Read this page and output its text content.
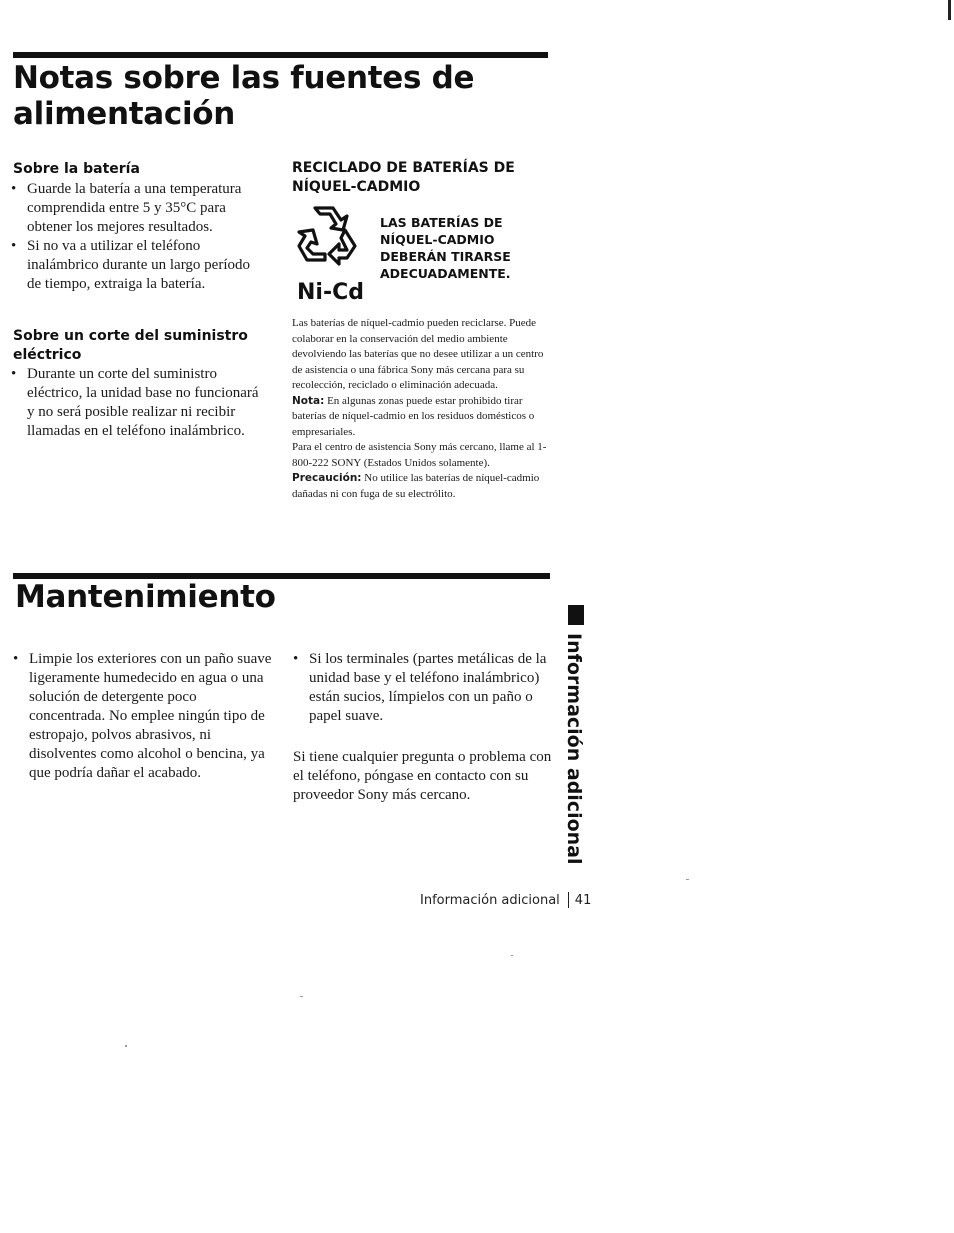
Notas sobre las fuentes de
alimentación
Sobre la batería
• Guarde la batería a una temperatura comprendida entre 5 y 35°C para obtener los mejores resultados.
• Si no va a utilizar el teléfono inalámbrico durante un largo período de tiempo, extraiga la batería.
Sobre un corte del suministro
eléctrico
• Durante un corte del suministro eléctrico, la unidad base no funcionará y no será posible realizar ni recibir llamadas en el teléfono inalámbrico.
RECICLADO DE BATERÍAS DE
NÍQUEL-CADMIO
LAS BATERÍAS DE
NÍQUEL-CADMIO
DEBERÁN TIRARSE
ADECUADAMENTE.
Ni-Cd

Las baterías de níquel-cadmio pueden reciclarse. Puede colaborar en la conservación del medio ambiente devolviendo las baterías que no desee utilizar a un centro de asistencia o una fábrica Sony más cercana para su recolección, reciclado o eliminación adecuada.

Nota: En algunas zonas puede estar prohibido tirar baterías de níquel-cadmio en los residuos domésticos o empresariales.

Para el centro de asistencia Sony más cercano, llame al 1-800-222 SONY (Estados Unidos solamente).

Precaución: No utilice las baterías de níquel-cadmio dañadas ni con fuga de su electrólito.

Mantenimiento
• Limpie los exteriores con un paño suave ligeramente humedecido en agua o una solución de detergente poco concentrada. No emplee ningún tipo de estropajo, polvos abrasivos, ni disolventes como alcohol o bencina, ya que podría dañar el acabado.
• Si los terminales (partes metálicas de la unidad base y el teléfono inalámbrico) están sucios, límpielos con un paño o papel suave.

Si tiene cualquier pregunta o problema con el teléfono, póngase en contacto con su proveedor Sony más cercano.	Información adicional
Información adicional 41
